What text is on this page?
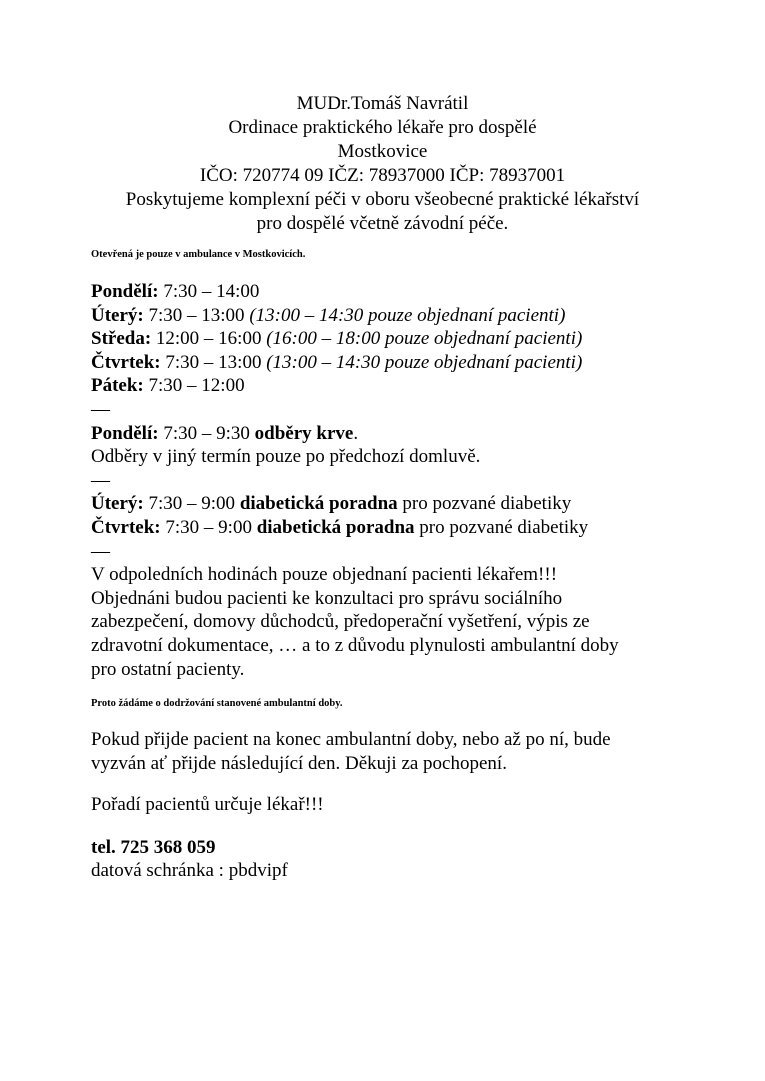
MUDr.Tomáš Navrátil
Ordinace praktického lékaře pro dospělé
Mostkovice
IČO: 720774 09 IČZ: 78937000 IČP: 78937001
Poskytujeme komplexní péči v oboru všeobecné praktické lékařství
pro dospělé včetně závodní péče.
Otevřená je pouze v ambulance v Mostkovicích.
Pondělí: 7:30 – 14:00
Úterý: 7:30 – 13:00 (13:00 – 14:30 pouze objednaní pacienti)
Středa: 12:00 – 16:00 (16:00 – 18:00 pouze objednaní pacienti)
Čtvrtek: 7:30 – 13:00 (13:00 – 14:30 pouze objednaní pacienti)
Pátek: 7:30 – 12:00
—
Pondělí: 7:30 – 9:30 odběry krve.
Odběry v jiný termín pouze po předchozí domluvě.
—
Úterý: 7:30 – 9:00 diabetická poradna pro pozvané diabetiky
Čtvrtek: 7:30 – 9:00 diabetická poradna pro pozvané diabetiky
—
V odpoledních hodinách pouze objednaní pacienti lékařem!!!
Objednáni budou pacienti ke konzultaci pro správu sociálního
zabezpečení, domovy důchodců, předoperační vyšetření, výpis ze
zdravotní dokumentace, … a to z důvodu plynulosti ambulantní doby
pro ostatní pacienty.
Proto žádáme o dodržování stanovené ambulantní doby.
Pokud přijde pacient na konec ambulantní doby, nebo až po ní, bude
vyzván ať přijde následující den. Děkuji za pochopení.
Pořadí pacientů určuje lékař!!!
tel. 725 368 059
datová schránka : pbdvipf
